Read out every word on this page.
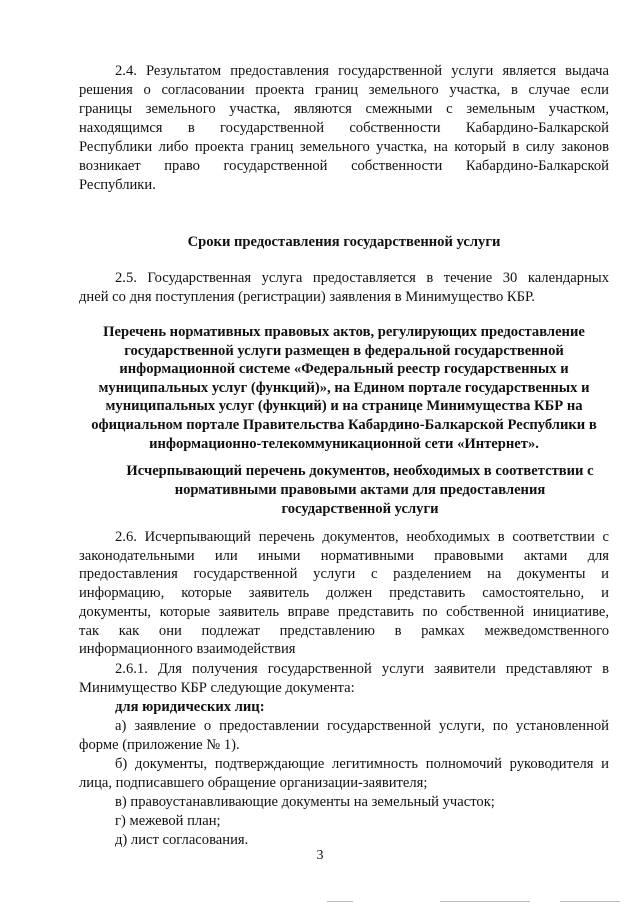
2.4. Результатом предоставления государственной услуги является выдача
решения о согласовании проекта границ земельного участка, в случае если
границы земельного участка, являются смежными с земельным участком,
находящимся в государственной собственности Кабардино-Балкарской
Республики либо проекта границ земельного участка, на который в силу законов
возникает право государственной собственности Кабардино-Балкарской
Республики.

Сроки предоставления государственной услуги

2.5. Государственная услуга предоставляется в течение 30 календарных
дней со дня поступления (регистрации) заявления в Минимущество КБР.

Перечень нормативных правовых актов, регулирующих предоставление
государственной услуги размещен в федеральной государственной
информационной системе «Федеральный реестр государственных и
муниципальных услуг (функций)», на Едином портале государственных и
муниципальных услуг (функций) и на странице Минимущества КБР на
официальном портале Правительства Кабардино-Балкарской Республики в
информационно-телекоммуникационной сети «Интернет».
Исчерпывающий перечень документов, необходимых в соответствии с
нормативными правовыми актами для предоставления
государственной услуги

2.6. Исчерпывающий перечень документов, необходимых в соответствии с
законодательными или иными нормативными правовыми актами для
предоставления государственной услуги с разделением на документы и
информацию, которые заявитель должен представить самостоятельно, и
документы, которые заявитель вправе представить по собственной инициативе,
так как они подлежат представлению в рамках межведомственного
информационного взаимодействия

2.6.1. Для получения государственной услуги заявители представляют в
Минимущество КБР следующие документа:

для юридических лиц:

а) заявление о предоставлении государственной услуги, по установленной
форме (приложение № 1).

б) документы, подтверждающие легитимность полномочий руководителя и
лица, подписавшего обращение организации-заявителя;

в) правоустанавливающие документы на земельный участок;
г) межевой план;
д) лист согласования.
3
